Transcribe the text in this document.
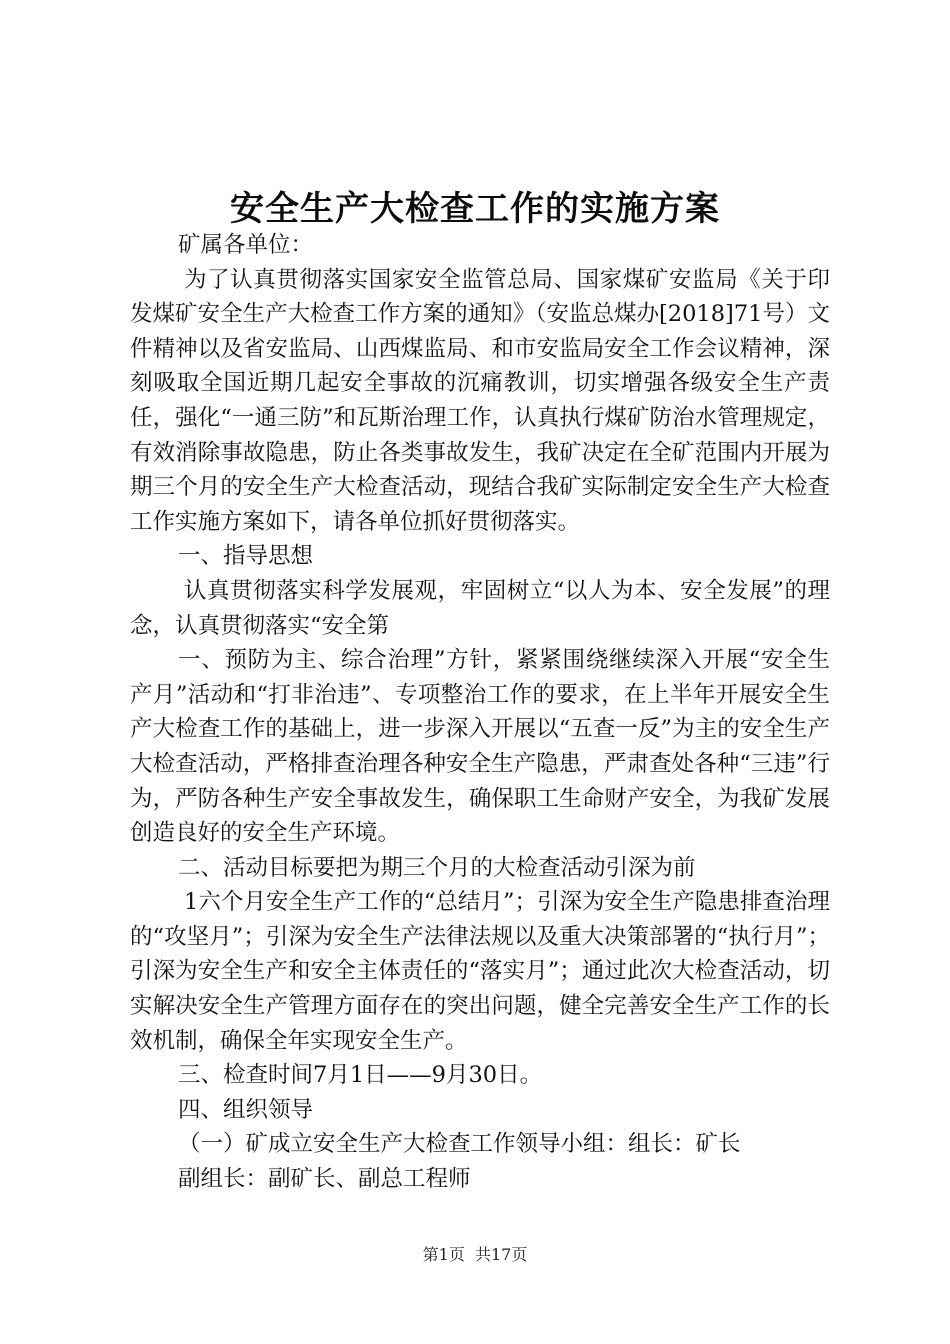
安全生产大检查工作的实施方案

矿属各单位：

为了认真贯彻落实国家安全监管总局、国家煤矿安监局《关于印发煤矿安全生产大检查工作方案的通知》（安监总煤办[2018]71号）文件精神以及省安监局、山西煤监局、和市安监局安全工作会议精神，深刻吸取全国近期几起安全事故的沉痛教训，切实增强各级安全生产责任，强化“一通三防”和瓦斯治理工作，认真执行煤矿防治水管理规定，有效消除事故隐患，防止各类事故发生，我矿决定在全矿范围内开展为期三个月的安全生产大检查活动，现结合我矿实际制定安全生产大检查工作实施方案如下，请各单位抓好贯彻落实。

一、指导思想

认真贯彻落实科学发展观，牢固树立“以人为本、安全发展”的理念，认真贯彻落实“安全第

一、预防为主、综合治理”方针，紧紧围绕继续深入开展“安全生产月”活动和“打非治违”、专项整治工作的要求，在上半年开展安全生产大检查工作的基础上，进一步深入开展以“五查一反”为主的安全生产大检查活动，严格排查治理各种安全生产隐患，严肃查处各种“三违”行为，严防各种生产安全事故发生，确保职工生命财产安全，为我矿发展创造良好的安全生产环境。

二、活动目标要把为期三个月的大检查活动引深为前

1六个月安全生产工作的“总结月”；引深为安全生产隐患排查治理的“攻坚月”；引深为安全生产法律法规以及重大决策部署的“执行月”；引深为安全生产和安全主体责任的“落实月”；通过此次大检查活动，切实解决安全生产管理方面存在的突出问题，健全完善安全生产工作的长效机制，确保全年实现安全生产。

三、检查时间7月1日——9月30日。

四、组织领导

（一）矿成立安全生产大检查工作领导小组：组长：矿长

副组长：副矿长、副总工程师

第1页  共17页
